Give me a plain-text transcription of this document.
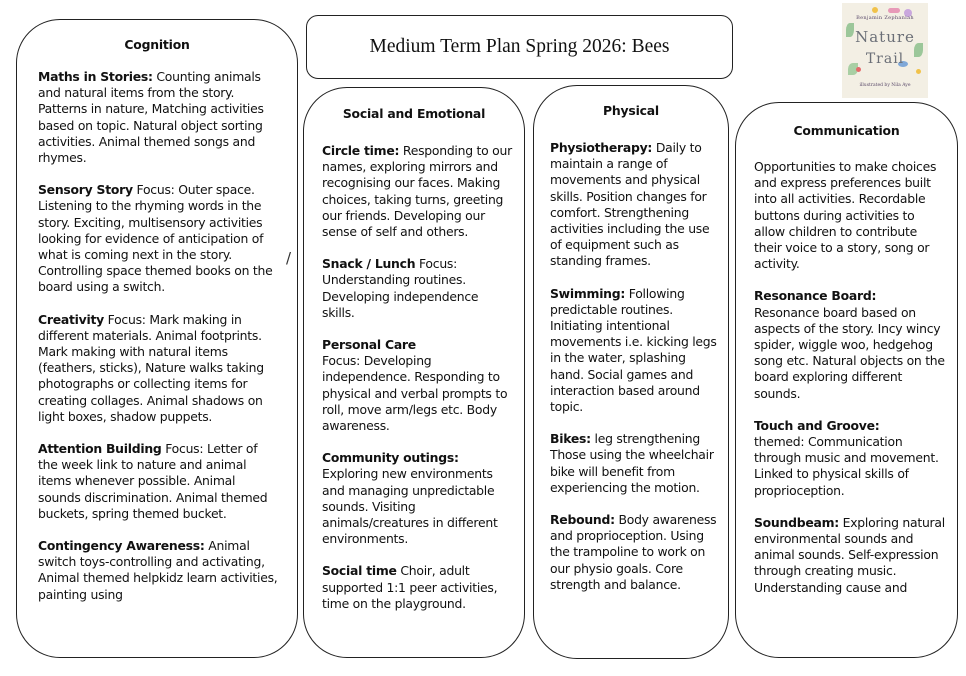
Cognition
Maths in Stories: Counting animals and natural items from the story. Patterns in nature, Matching activities based on topic. Natural object sorting activities. Animal themed songs and rhymes.
Sensory Story Focus: Outer space. Listening to the rhyming words in the story. Exciting, multisensory activities looking for evidence of anticipation of what is coming next in the story. Controlling space themed books on the board using a switch.
Creativity Focus: Mark making in different materials. Animal footprints. Mark making with natural items (feathers, sticks), Nature walks taking photographs or collecting items for creating collages. Animal shadows on light boxes, shadow puppets.
Attention Building Focus: Letter of the week link to nature and animal items whenever possible. Animal sounds discrimination. Animal themed buckets, spring themed bucket.
Contingency Awareness: Animal switch toys-controlling and activating, Animal themed helpkidz learn activities, painting using
/
Medium Term Plan Spring 2026: Bees
Social and Emotional
Circle time: Responding to our names, exploring mirrors and recognising our faces. Making choices, taking turns, greeting our friends. Developing our sense of self and others.
Snack / Lunch Focus: Understanding routines. Developing independence skills.
Personal Care
Focus: Developing independence. Responding to physical and verbal prompts to roll, move arm/legs etc. Body awareness.
Community outings:
Exploring new environments and managing unpredictable sounds. Visiting animals/creatures in different environments.
Social time Choir, adult supported 1:1 peer activities, time on the playground.
Physical
Physiotherapy: Daily to maintain a range of movements and physical skills. Position changes for comfort. Strengthening activities including the use of equipment such as standing frames.
Swimming: Following predictable routines. Initiating intentional movements i.e. kicking legs in the water, splashing hand. Social games and interaction based around topic.
Bikes: leg strengthening Those using the wheelchair bike will benefit from experiencing the motion.
Rebound: Body awareness and proprioception. Using the trampoline to work on our physio goals. Core strength and balance.
Communication
Opportunities to make choices and express preferences built into all activities. Recordable buttons during activities to allow children to contribute their voice to a story, song or activity.
Resonance Board:
Resonance board based on aspects of the story. Incy wincy spider, wiggle woo, hedgehog song etc. Natural objects on the board exploring different sounds.
Touch and Groove:
themed: Communication through music and movement. Linked to physical skills of proprioception.
Soundbeam: Exploring natural environmental sounds and animal sounds. Self-expression through creating music. Understanding cause and
Benjamin Zephaniah
Nature
Trail
illustrated by Nila Aye
